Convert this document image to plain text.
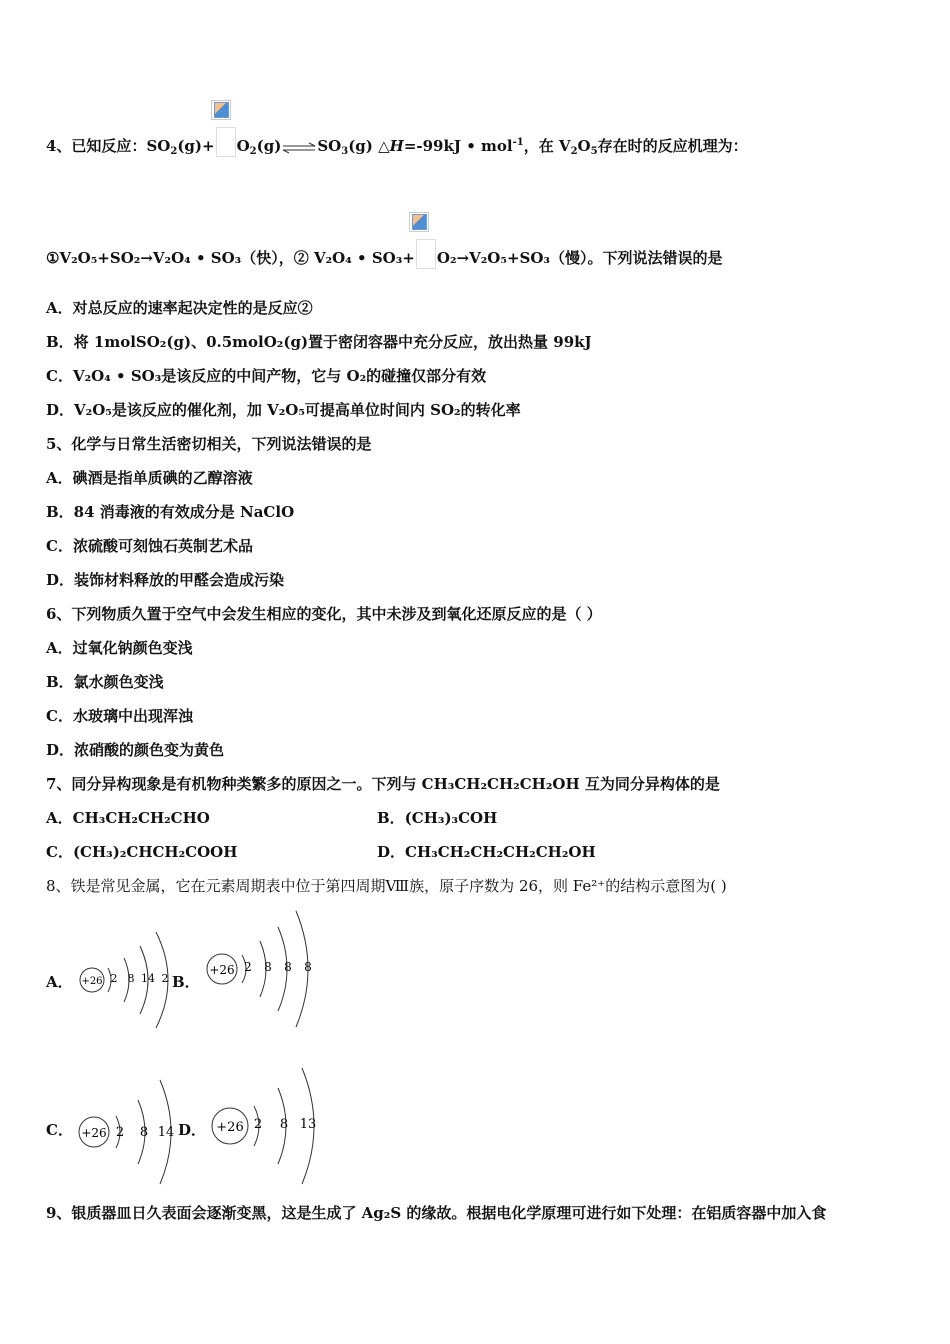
4、已知反应：$SO_2(g)+$ $O_2(g)\rightleftharpoons SO_3(g)$ △H=-99kJ • mol$^{-1}$，在 $V_2O_5$存在时的反应机理为：
①V₂O₅+SO₂→V₂O₄ • SO₃（快），② V₂O₄ • SO₃+ O₂→V₂O₅+SO₃（慢）。下列说法错误的是
A．对总反应的速率起决定性的是反应②
B．将 1molSO₂(g)、0.5molO₂(g)置于密闭容器中充分反应，放出热量 99kJ
C．V₂O₄ • SO₃是该反应的中间产物，它与 O₂的碰撞仅部分有效
D．V₂O₅是该反应的催化剂，加 V₂O₅可提高单位时间内 SO₂的转化率
5、化学与日常生活密切相关，下列说法错误的是
A．碘酒是指单质碘的乙醇溶液
B．84 消毒液的有效成分是 NaClO
C．浓硫酸可刻蚀石英制艺术品
D．装饰材料释放的甲醛会造成污染
6、下列物质久置于空气中会发生相应的变化，其中未涉及到氧化还原反应的是（ ）
A．过氧化钠颜色变浅
B．氯水颜色变浅
C．水玻璃中出现浑浊
D．浓硝酸的颜色变为黄色
7、同分异构现象是有机物种类繁多的原因之一。下列与 CH₃CH₂CH₂CH₂OH 互为同分异构体的是
A．CH₃CH₂CH₂CHO	B．(CH₃)₃COH
C．(CH₃)₂CHCH₂COOH	D．CH₃CH₂CH₂CH₂CH₂OH
8、铁是常见金属，它在元素周期表中位于第四周期Ⅷ族，原子序数为 26，则 Fe²⁺的结构示意图为( )
A．	B．
C．	D．
+26 2 8 14 2
+26 2 8 8 8
+26 2 8 14	+26 2 8 13
9、银质器皿日久表面会逐渐变黑，这是生成了 Ag₂S 的缘故。根据电化学原理可进行如下处理：在铝质容器中加入食
